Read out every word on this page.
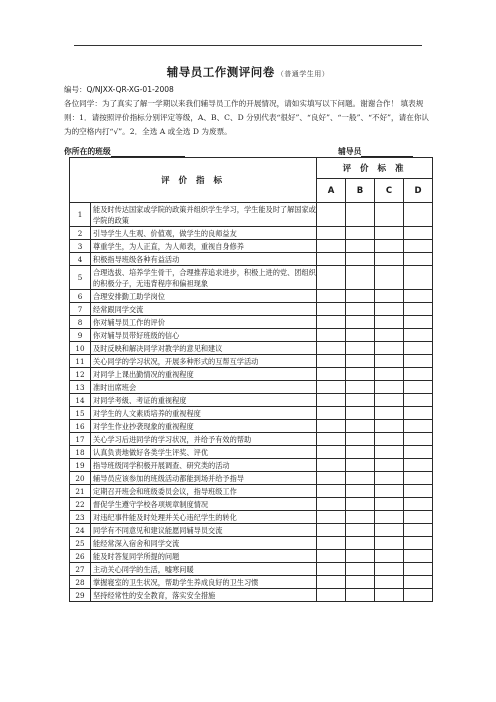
辅导员工作测评问卷 （普通学生用）
编号：Q/NJXX-QR-XG-01-2008
各位同学：为了真实了解一学期以来我们辅导员工作的开展情况，请如实填写以下问题。谢谢合作！ 填表规则：1．请按照评价指标分别评定等级，A、B、C、D 分别代表“很好”、“良好”、“一般”、“不好”，请在你认为的空格内打“√”。2．全选 A 或全选 D 为废票。
你所在的班级	辅导员
评 价 指 标		评 价 标 准			
		A	B	C	D
1	能及时传达国家或学院的政策并组织学生学习，学生能及时了解国家或学院的政策				
2	引导学生人生观、价值观，做学生的良师益友				
3	尊重学生，为人正直，为人师表，重视自身修养				
4	积极指导班级各种有益活动				
5	合理选拔、培养学生骨干，合理推荐追求进步，积极上进的党、团组织的积极分子，无违背程序和偏袒现象				
6	合理安排勤工助学岗位				
7	经常跟同学交流				
8	你对辅导员工作的评价				
9	你对辅导员带好班级的信心				
10	及时反映和解决同学对教学的意见和建议				
11	关心同学的学习状况，开展多种形式的互帮互学活动				
12	对同学上课出勤情况的重视程度				
13	准时出席班会				
14	对同学考級、考证的重视程度				
15	对学生的人文素质培养的重视程度				
16	对学生作业抄袭现象的重视程度				
17	关心学习后进同学的学习状况，并给予有效的帮助				
18	认真负责地做好各类学生评奖、评优				
19	指导班级同学积极开展调查、研究类的活动				
20	辅导员应该参加的班级活动都能到场并给予指导				
21	定期召开班会和班级委员会议，指导班级工作				
22	督促学生遵守学校各项规章制度情况				
23	对违纪事件能及时处理并关心违纪学生的转化				
24	同学有不同意见和建议能愿同辅导员交流				
25	能经常深入宿舍和同学交流				
26	能及时答复同学所提的问题				
27	主动关心同学的生活，嘘寒问暖				
28	掌握寝室的卫生状况，帮助学生养成良好的卫生习惯				
29	坚持经常性的安全教育，落实安全措施				
